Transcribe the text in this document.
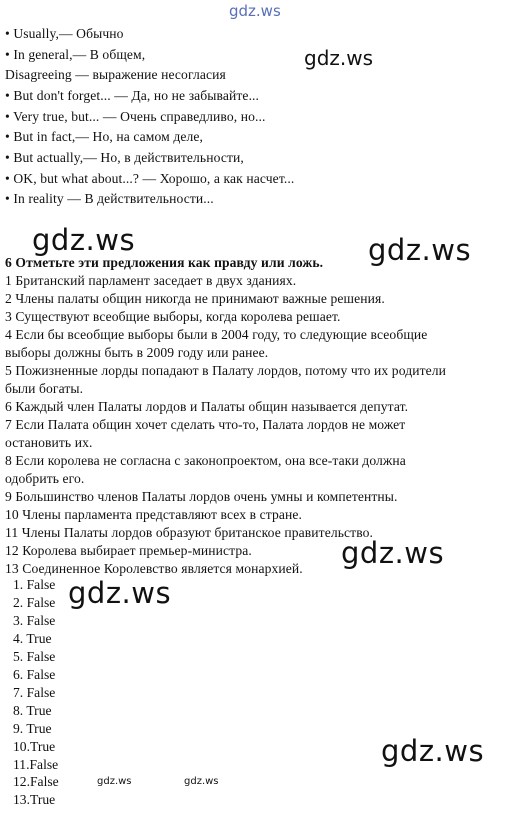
gdz.ws
• Usually,— Обычно
• In general,— В общем,
Disagreeing — выражение несогласия
• But don't forget... — Да, но не забывайте...
• Very true, but... — Очень справедливо, но...
• But in fact,— Но, на самом деле,
• But actually,— Но, в действительности,
• OK, but what about...? — Хорошо, а как насчет...
• In reality — В действительности...
gdz.ws
gdz.ws	gdz.ws
6 Отметьте эти предложения как правду или ложь.
1 Британский парламент заседает в двух зданиях.
2 Члены палаты общин никогда не принимают важные решения.
3 Существуют всеобщие выборы, когда королева решает.
4 Если бы всеобщие выборы были в 2004 году, то следующие всеобщие
выборы должны быть в 2009 году или ранее.
5 Пожизненные лорды попадают в Палату лордов, потому что их родители
были богаты.
6 Каждый член Палаты лордов и Палаты общин называется депутат.
7 Если Палата общин хочет сделать что-то, Палата лордов не может
остановить их.
8 Если королева не согласна с законопроектом, она все-таки должна
одобрить его.
9 Большинство членов Палаты лордов очень умны и компетентны.
10 Члены парламента представляют всех в стране.
11 Члены Палаты лордов образуют британское правительство.
12 Королева выбирает премьер-министра.
13 Соединенное Королевство является монархией. gdz.ws
gdz.ws
gdz.ws
gdz.ws	gdz.ws
1. False
2. False
3. False
4. True
5. False
6. False
7. False
8. True
9. True
10.True
11.False
12.False
13.True
